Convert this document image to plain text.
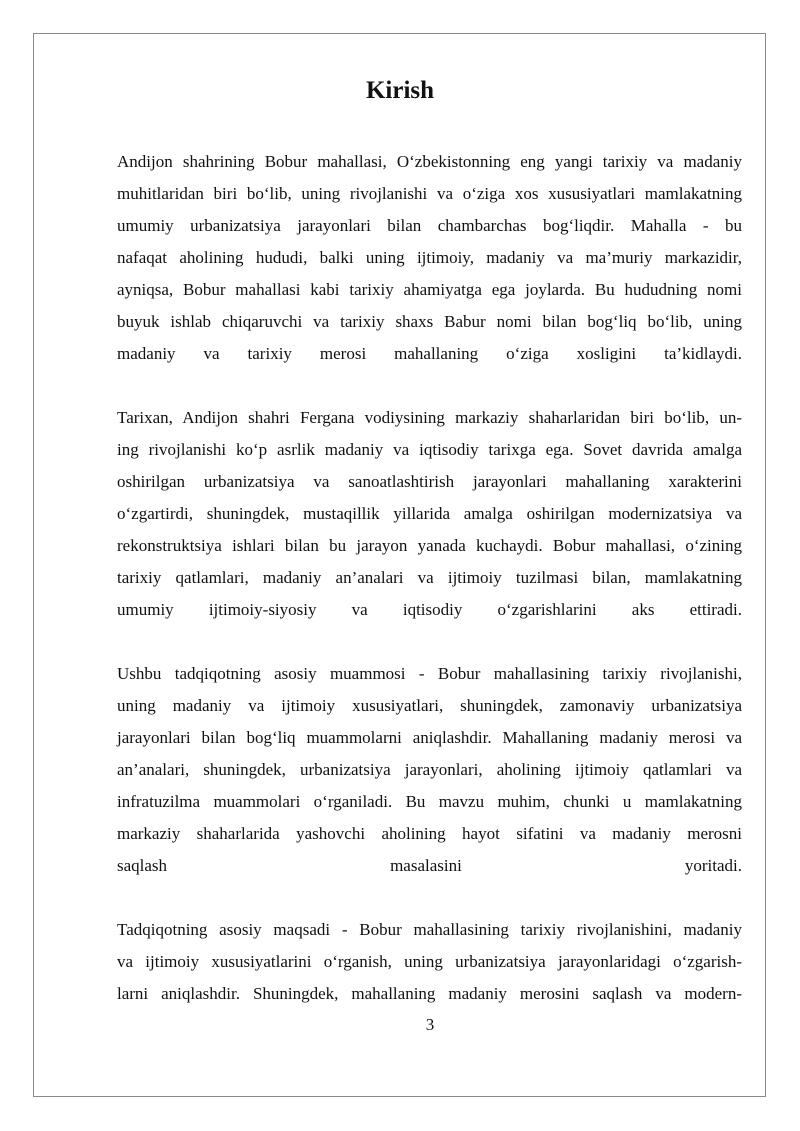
Kirish
Andijon shahrining Bobur mahallasi, O‘zbekistonning eng yangi tarixiy va madaniy
muhitlaridan biri bo‘lib, uning rivojlanishi va o‘ziga xos xususiyatlari mamlakatning
umumiy urbanizatsiya jarayonlari bilan chambarchas bog‘liqdir. Mahalla - bu
nafaqat aholining hududi, balki uning ijtimoiy, madaniy va ma’muriy markazidir,
ayniqsa, Bobur mahallasi kabi tarixiy ahamiyatga ega joylarda. Bu hududning nomi
buyuk ishlab chiqaruvchi va tarixiy shaxs Babur nomi bilan bog‘liq bo‘lib, uning
madaniy va tarixiy merosi mahallaning o‘ziga xosligini ta’kidlaydi.
Tarixan, Andijon shahri Fergana vodiysining markaziy shaharlaridan biri bo‘lib, un-
ing rivojlanishi ko‘p asrlik madaniy va iqtisodiy tarixga ega. Sovet davrida amalga
oshirilgan urbanizatsiya va sanoatlashtirish jarayonlari mahallaning xarakterini
o‘zgartirdi, shuningdek, mustaqillik yillarida amalga oshirilgan modernizatsiya va
rekonstruktsiya ishlari bilan bu jarayon yanada kuchaydi. Bobur mahallasi, o‘zining
tarixiy qatlamlari, madaniy an’analari va ijtimoiy tuzilmasi bilan, mamlakatning
umumiy ijtimoiy-siyosiy va iqtisodiy o‘zgarishlarini aks ettiradi.
Ushbu tadqiqotning asosiy muammosi - Bobur mahallasining tarixiy rivojlanishi,
uning madaniy va ijtimoiy xususiyatlari, shuningdek, zamonaviy urbanizatsiya
jarayonlari bilan bog‘liq muammolarni aniqlashdir. Mahallaning madaniy merosi va
an’analari, shuningdek, urbanizatsiya jarayonlari, aholining ijtimoiy qatlamlari va
infratuzilma muammolari o‘rganiladi. Bu mavzu muhim, chunki u mamlakatning
markaziy shaharlarida yashovchi aholining hayot sifatini va madaniy merosni
saqlash masalasini yoritadi.
Tadqiqotning asosiy maqsadi - Bobur mahallasining tarixiy rivojlanishini, madaniy
va ijtimoiy xususiyatlarini o‘rganish, uning urbanizatsiya jarayonlaridagi o‘zgarish-
larni aniqlashdir. Shuningdek, mahallaning madaniy merosini saqlash va modern-
3
